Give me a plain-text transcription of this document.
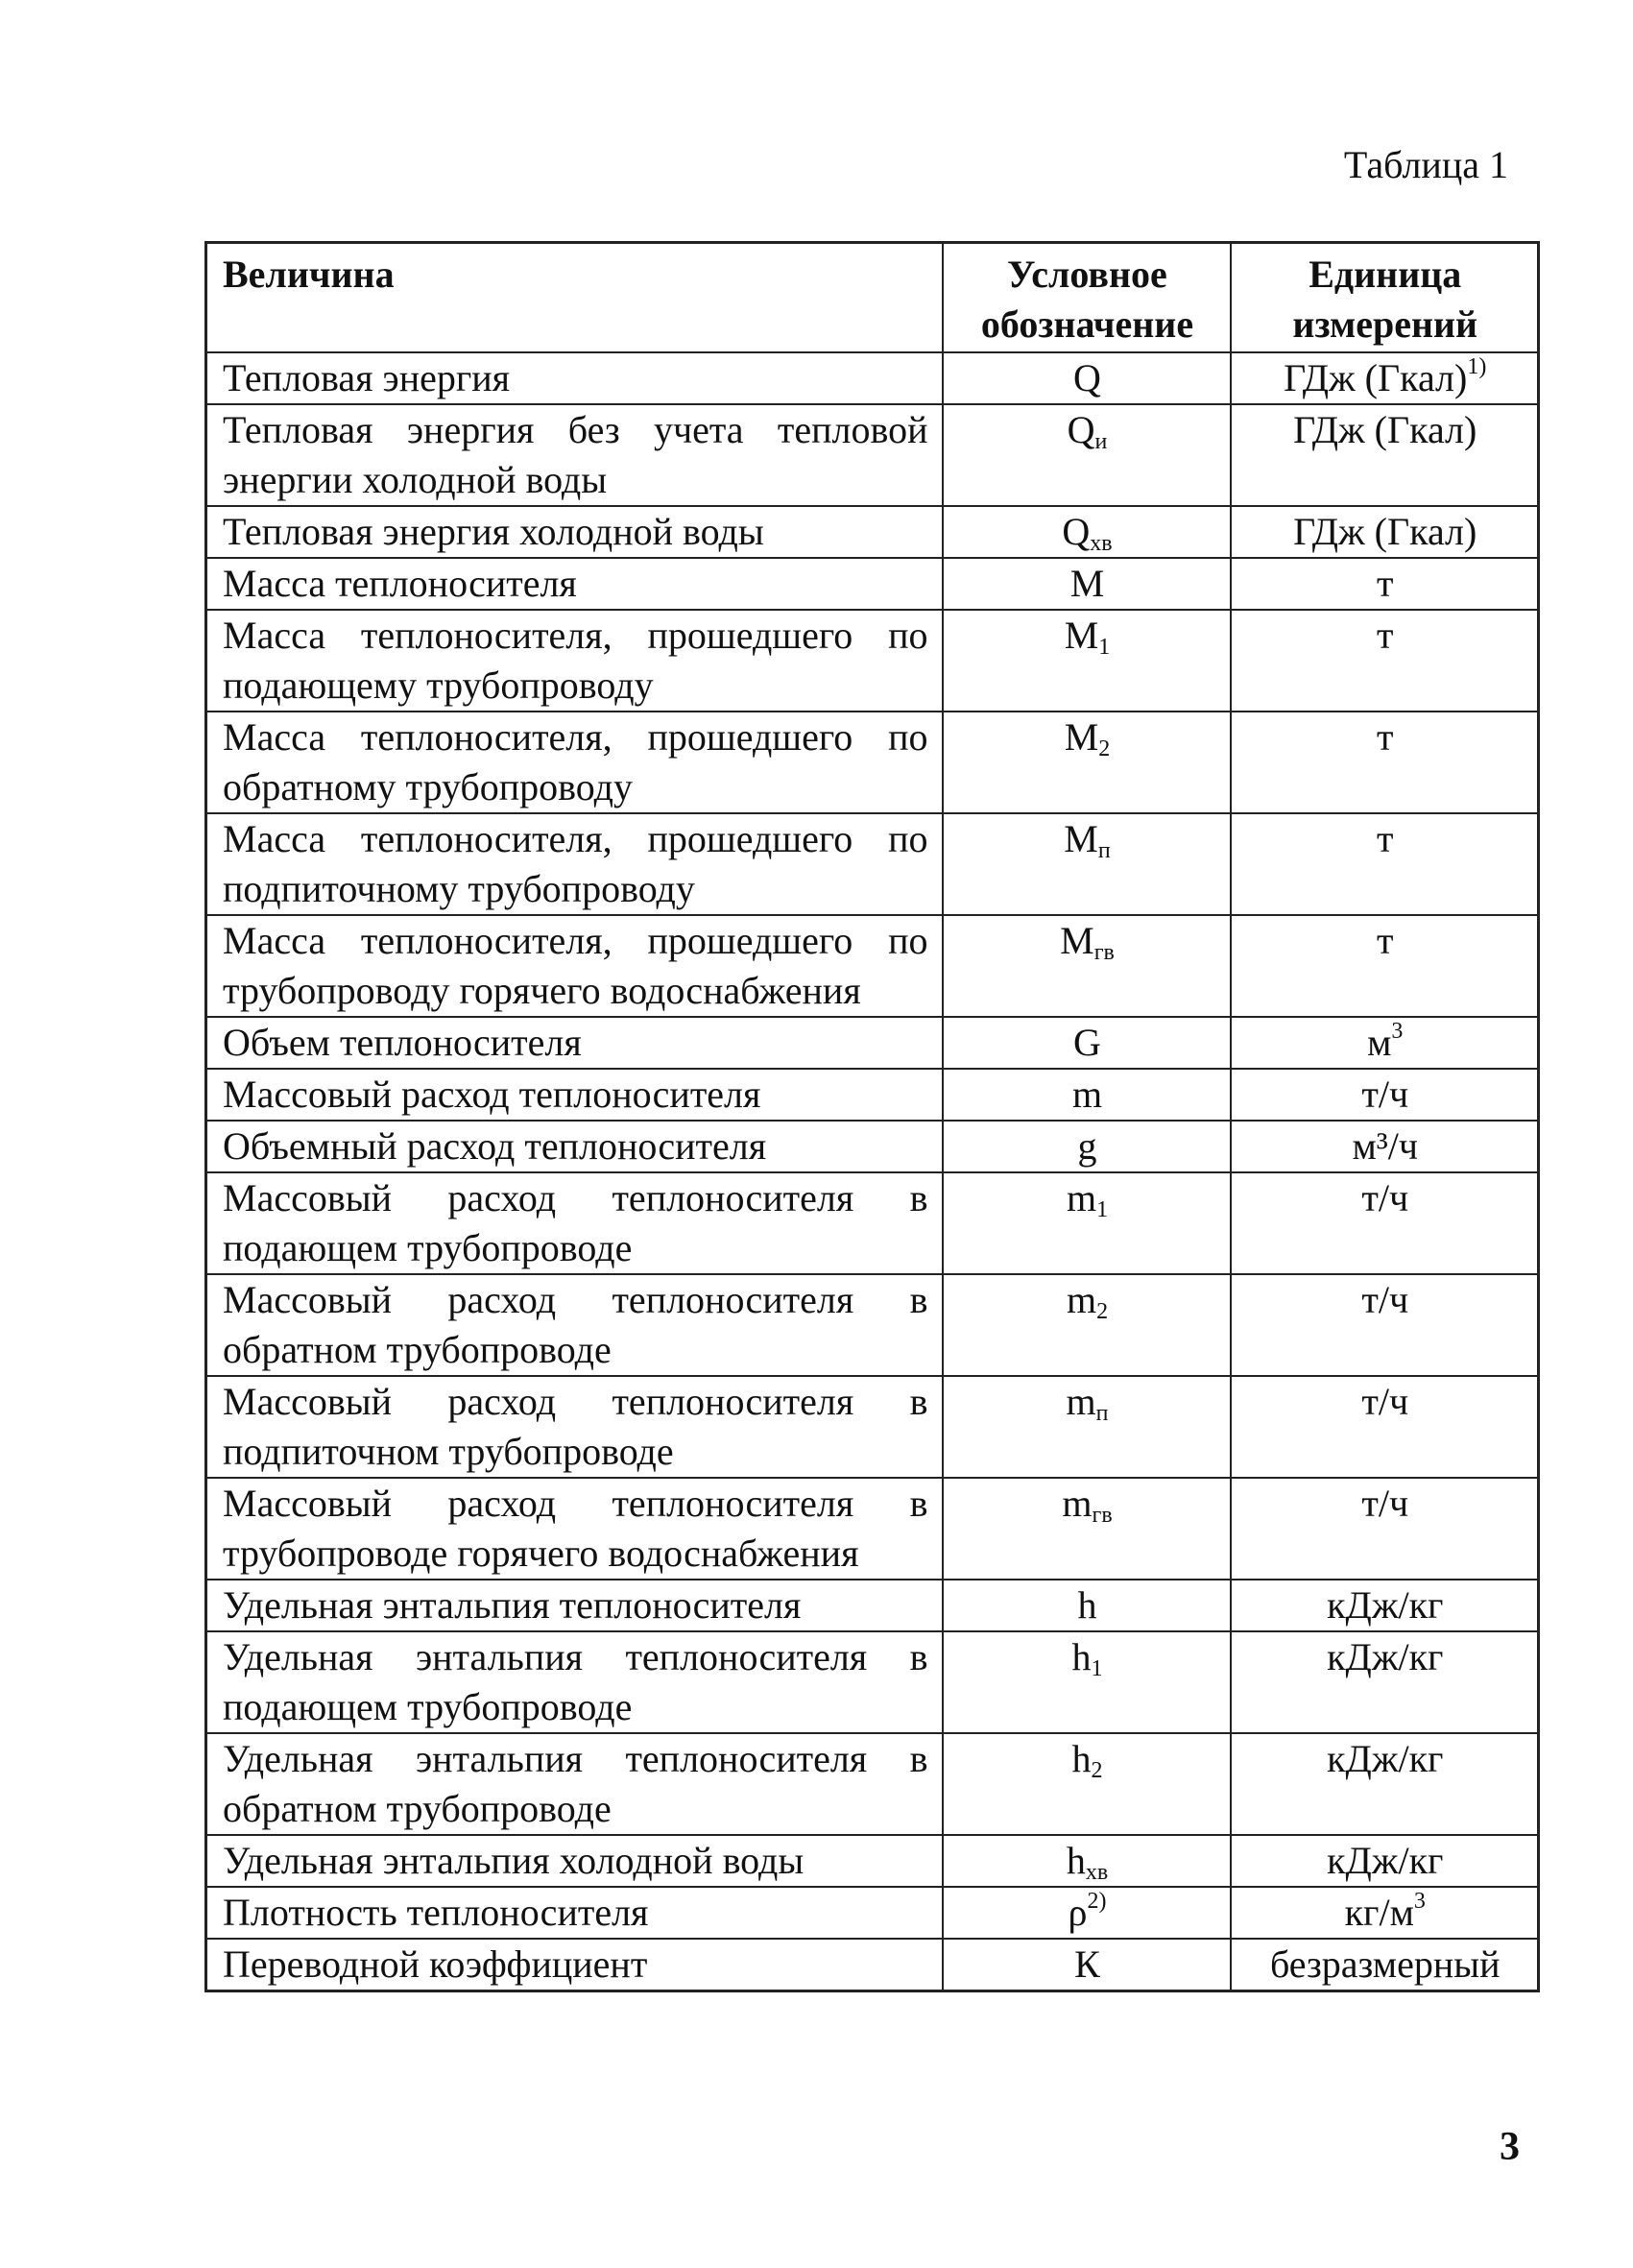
Таблица 1
Величина	Условное обозначение	Единица измерений
Тепловая энергия	Q	ГДж (Гкал)$^{1)}$
Тепловая энергия без учета тепловой энергии холодной воды	$Q_и$	ГДж (Гкал)
Тепловая энергия холодной воды	$Q_{хв}$	ГДж (Гкал)
Масса теплоносителя	M	т
Масса теплоносителя, прошедшего по подающему трубопроводу	$M_1$	т
Масса теплоносителя, прошедшего по обратному трубопроводу	$M_2$	т
Масса теплоносителя, прошедшего по подпиточному трубопроводу	$M_п$	т
Масса теплоносителя, прошедшего по трубопроводу горячего водоснабжения	$M_{гв}$	т
Объем теплоносителя	G	$м^3$
Массовый расход теплоносителя	m	т/ч
Объемный расход теплоносителя	g	м³/ч
Массовый расход теплоносителя в подающем трубопроводе	$m_1$	т/ч
Массовый расход теплоносителя в обратном трубопроводе	$m_2$	т/ч
Массовый расход теплоносителя в подпиточном трубопроводе	$m_п$	т/ч
Массовый расход теплоносителя в трубопроводе горячего водоснабжения	$m_{гв}$	т/ч
Удельная энтальпия теплоносителя	h	кДж/кг
Удельная энтальпия теплоносителя в подающем трубопроводе	$h_1$	кДж/кг
Удельная энтальпия теплоносителя в обратном трубопроводе	$h_2$	кДж/кг
Удельная энтальпия холодной воды	$h_{хв}$	кДж/кг
Плотность теплоносителя	$\rho^{2)}$	$кг/м^3$
Переводной коэффициент	К	безразмерный
3
